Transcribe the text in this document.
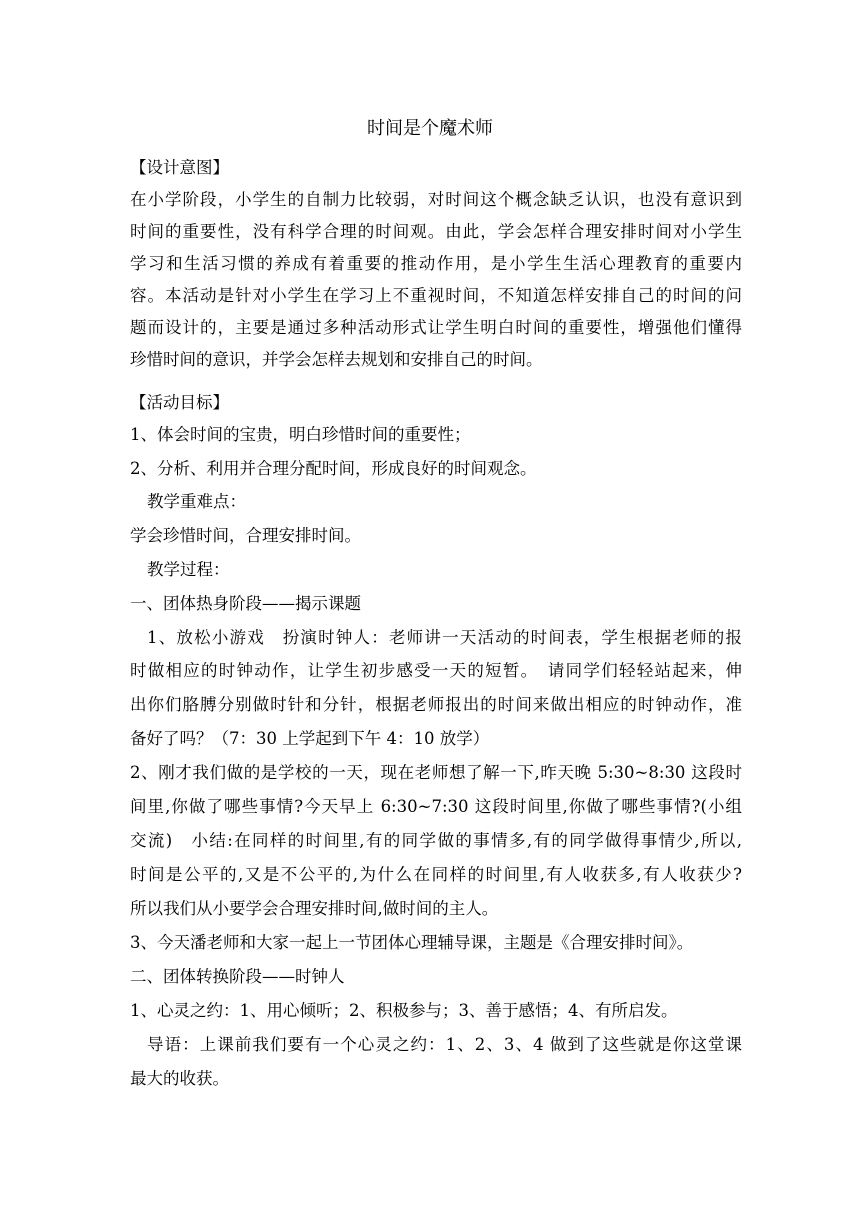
时间是个魔术师
【设计意图】
在小学阶段，小学生的自制力比较弱，对时间这个概念缺乏认识，也没有意识到
时间的重要性，没有科学合理的时间观。由此，学会怎样合理安排时间对小学生
学习和生活习惯的养成有着重要的推动作用，是小学生生活心理教育的重要内
容。本活动是针对小学生在学习上不重视时间，不知道怎样安排自己的时间的问
题而设计的，主要是通过多种活动形式让学生明白时间的重要性，增强他们懂得
珍惜时间的意识，并学会怎样去规划和安排自己的时间。
【活动目标】
1、体会时间的宝贵，明白珍惜时间的重要性；
2、分析、利用并合理分配时间，形成良好的时间观念。
教学重难点：
学会珍惜时间，合理安排时间。
教学过程：
一、团体热身阶段——揭示课题
1、放松小游戏　扮演时钟人：老师讲一天活动的时间表，学生根据老师的报
时做相应的时钟动作，让学生初步感受一天的短暂。　请同学们轻轻站起来，伸
出你们胳膊分别做时针和分针，根据老师报出的时间来做出相应的时钟动作，准
备好了吗？（7：30 上学起到下午 4：10 放学）
2、刚才我们做的是学校的一天，现在老师想了解一下,昨天晚 5:30~8:30 这段时
间里,你做了哪些事情?今天早上 6:30~7:30 这段时间里,你做了哪些事情?(小组
交流)　小结:在同样的时间里,有的同学做的事情多,有的同学做得事情少,所以,
时间是公平的,又是不公平的,为什么在同样的时间里,有人收获多,有人收获少?
所以我们从小要学会合理安排时间,做时间的主人。
3、今天潘老师和大家一起上一节团体心理辅导课，主题是《合理安排时间》。
二、团体转换阶段——时钟人
1、心灵之约：1、用心倾听；2、积极参与；3、善于感悟；4、有所启发。
导语：上课前我们要有一个心灵之约：1、2、3、4 做到了这些就是你这堂课
最大的收获。
